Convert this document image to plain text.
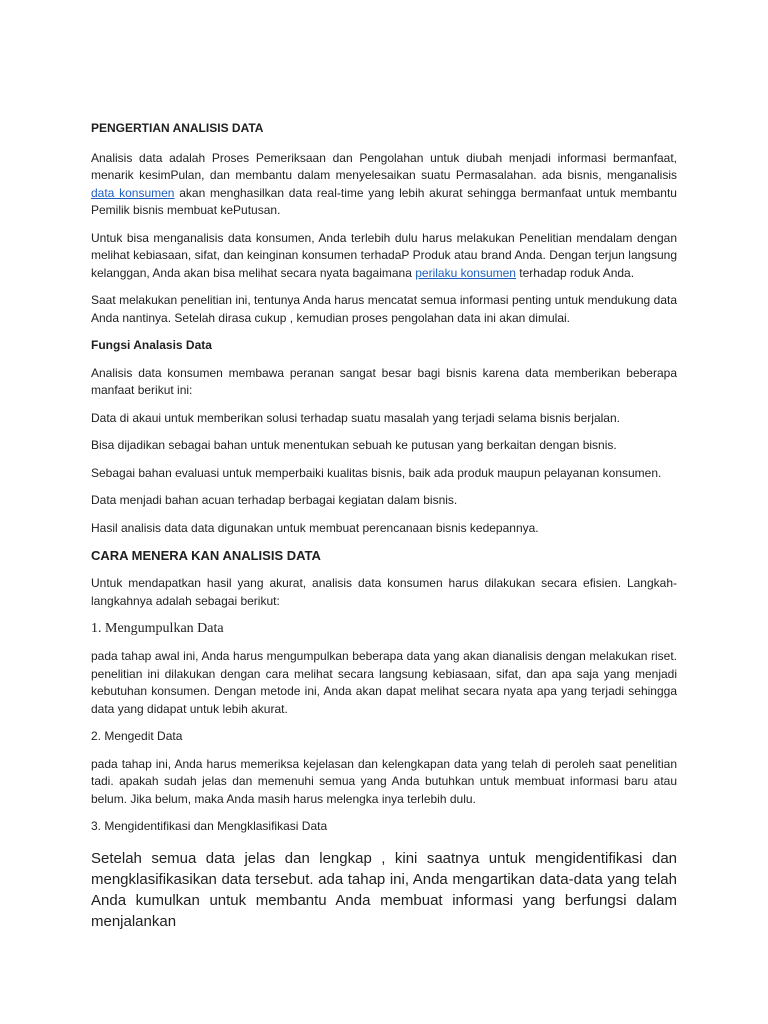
PENGERTIAN ANALISIS DATA

Analisis data adalah Proses Pemeriksaan dan Pengolahan untuk diubah menjadi informasi bermanfaat, menarik kesimPulan, dan membantu dalam menyelesaikan suatu Permasalahan. ada bisnis, menganalisis data konsumen akan menghasilkan data real-time yang lebih akurat sehingga bermanfaat untuk membantu Pemilik bisnis membuat kePutusan.

Untuk bisa menganalisis data konsumen, Anda terlebih dulu harus melakukan Penelitian mendalam dengan melihat kebiasaan, sifat, dan keinginan konsumen terhadaP Produk atau brand Anda. Dengan terjun langsung kelanggan, Anda akan bisa melihat secara nyata bagaimana perilaku konsumen terhadap roduk Anda.

Saat melakukan penelitian ini, tentunya Anda harus mencatat semua informasi penting untuk mendukung data Anda nantinya. Setelah dirasa cukup , kemudian proses pengolahan data ini akan dimulai.

Fungsi Analasis Data

Analisis data konsumen membawa peranan sangat besar bagi bisnis karena data memberikan beberapa manfaat berikut ini:

Data di akaui untuk memberikan solusi terhadap suatu masalah yang terjadi selama bisnis berjalan.

Bisa dijadikan sebagai bahan untuk menentukan sebuah ke putusan yang berkaitan dengan bisnis.

Sebagai bahan evaluasi untuk memperbaiki kualitas bisnis, baik ada produk maupun pelayanan konsumen.

Data menjadi bahan acuan terhadap berbagai kegiatan dalam bisnis.

Hasil analisis data data digunakan untuk membuat perencanaan bisnis kedepannya.

CARA MENERA KAN ANALISIS DATA

Untuk mendapatkan hasil yang akurat, analisis data konsumen harus dilakukan secara efisien. Langkah-langkahnya adalah sebagai berikut:

1. Mengumpulkan Data

pada tahap awal ini, Anda harus mengumpulkan beberapa data yang akan dianalisis dengan melakukan riset. penelitian ini dilakukan dengan cara melihat secara langsung kebiasaan, sifat, dan apa saja yang menjadi kebutuhan konsumen. Dengan metode ini, Anda akan dapat melihat secara nyata apa yang terjadi sehingga data yang didapat untuk lebih akurat.

2. Mengedit Data

pada tahap ini, Anda harus memeriksa kejelasan dan kelengkapan data yang telah di peroleh saat penelitian tadi. apakah sudah jelas dan memenuhi semua yang Anda butuhkan untuk membuat informasi baru atau belum. Jika belum, maka Anda masih harus melengka inya terlebih dulu.

3. Mengidentifikasi dan Mengklasifikasi Data

Setelah semua data jelas dan lengkap , kini saatnya untuk mengidentifikasi dan mengklasifikasikan data tersebut. ada tahap ini, Anda mengartikan data-data yang telah Anda kumulkan untuk membantu Anda membuat informasi yang berfungsi dalam menjalankan
